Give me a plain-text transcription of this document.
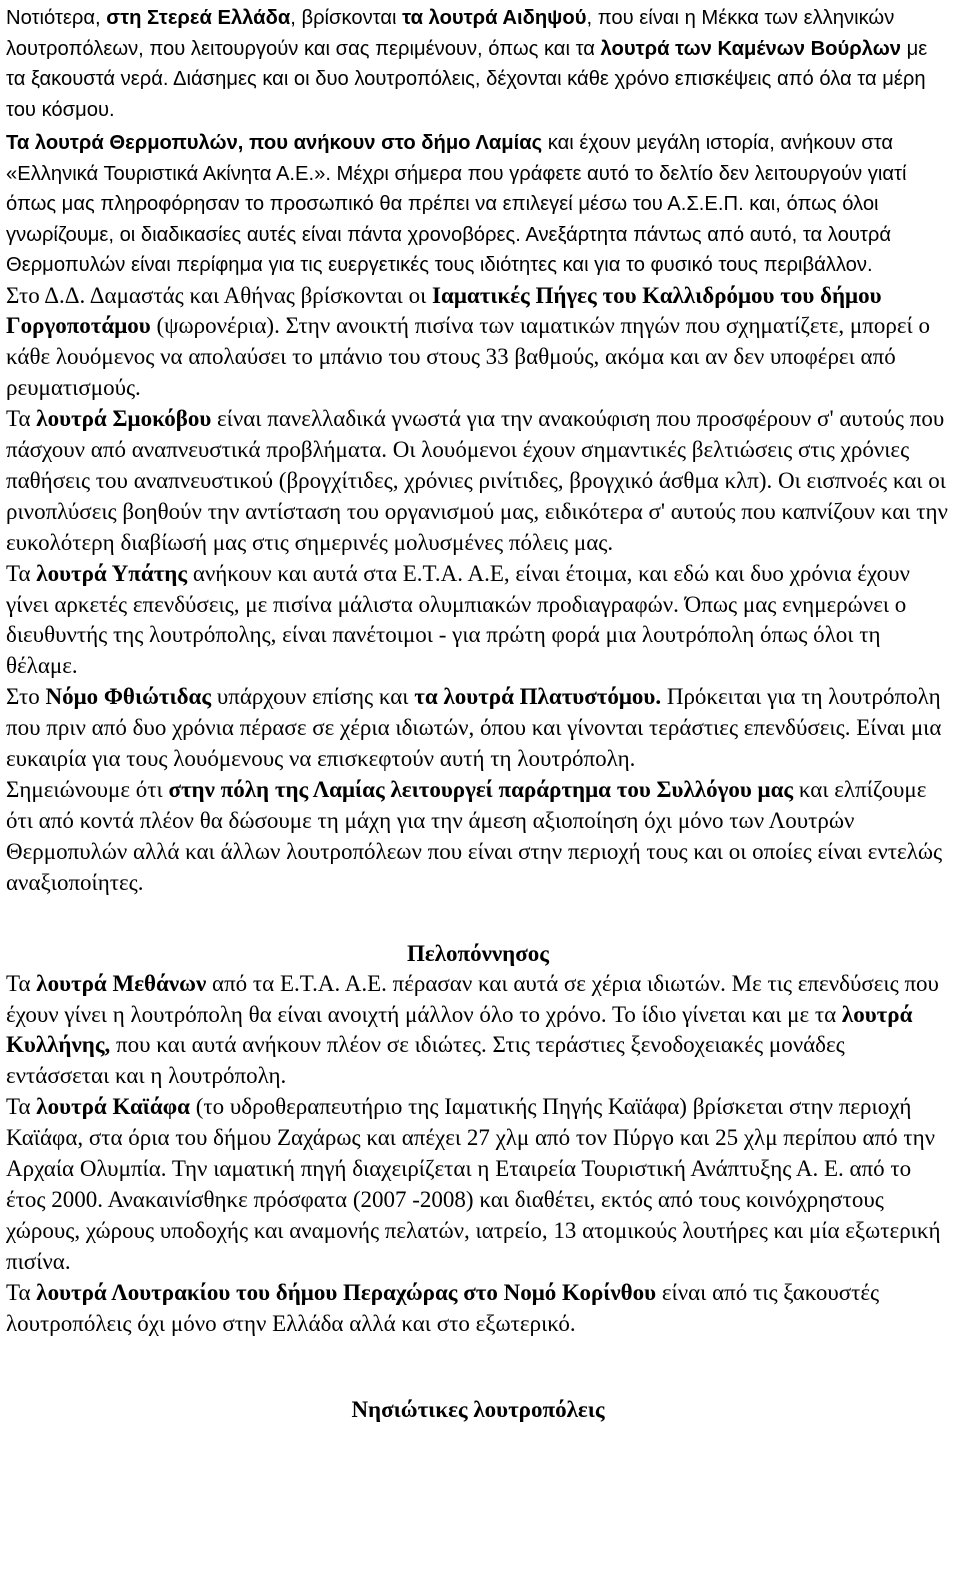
Νοτιότερα, στη Στερεά Ελλάδα, βρίσκονται τα λουτρά Αιδηψού, που είναι η Μέκκα των ελληνικών λουτροπόλεων, που λειτουργούν και σας περιμένουν, όπως και τα λουτρά των Καμένων Βούρλων με τα ξακουστά νερά. Διάσημες και οι δυο λουτροπόλεις, δέχονται κάθε χρόνο επισκέψεις από όλα τα μέρη του κόσμου.

Τα λουτρά Θερμοπυλών, που ανήκουν στο δήμο Λαμίας και έχουν μεγάλη ιστορία, ανήκουν στα «Ελληνικά Τουριστικά Ακίνητα Α.Ε.». Μέχρι σήμερα που γράφετε αυτό το δελτίο δεν λειτουργούν γιατί όπως μας πληροφόρησαν το προσωπικό θα πρέπει να επιλεγεί μέσω του Α.Σ.Ε.Π. και, όπως όλοι γνωρίζουμε, οι διαδικασίες αυτές είναι πάντα χρονοβόρες. Ανεξάρτητα πάντως από αυτό, τα λουτρά Θερμοπυλών είναι περίφημα για τις ευεργετικές τους ιδιότητες και για το φυσικό τους περιβάλλον.

Στο Δ.Δ. Δαμαστάς και Αθήνας βρίσκονται οι Ιαματικές Πήγες του Καλλιδρόμου του δήμου Γοργοποτάμου (ψωρονέρια). Στην ανοικτή πισίνα των ιαματικών πηγών που σχηματίζετε, μπορεί ο κάθε λουόμενος να απολαύσει το μπάνιο του στους 33 βαθμούς, ακόμα και αν δεν υποφέρει από ρευματισμούς.

Τα λουτρά Σμοκόβου είναι πανελλαδικά γνωστά για την ανακούφιση που προσφέρουν σ' αυτούς που πάσχουν από αναπνευστικά προβλήματα. Οι λουόμενοι έχουν σημαντικές βελτιώσεις στις χρόνιες παθήσεις του αναπνευστικού (βρογχίτιδες, χρόνιες ρινίτιδες, βρογχικό άσθμα κλπ). Οι εισπνοές και οι ρινοπλύσεις βοηθούν την αντίσταση του οργανισμού μας, ειδικότερα σ' αυτούς που καπνίζουν και την ευκολότερη διαβίωσή μας στις σημερινές μολυσμένες πόλεις μας.

Τα λουτρά Υπάτης ανήκουν και αυτά στα Ε.Τ.Α. Α.Ε, είναι έτοιμα, και εδώ και δυο χρόνια έχουν γίνει αρκετές επενδύσεις, με πισίνα μάλιστα ολυμπιακών προδιαγραφών. Όπως μας ενημερώνει ο διευθυντής της λουτρόπολης, είναι πανέτοιμοι - για πρώτη φορά μια λουτρόπολη όπως όλοι τη θέλαμε.

Στο Νόμο Φθιώτιδας υπάρχουν επίσης και τα λουτρά Πλατυστόμου. Πρόκειται για τη λουτρόπολη που πριν από δυο χρόνια πέρασε σε χέρια ιδιωτών, όπου και γίνονται τεράστιες επενδύσεις. Είναι μια ευκαιρία για τους λουόμενους να επισκεφτούν αυτή τη λουτρόπολη.

Σημειώνουμε ότι στην πόλη της Λαμίας λειτουργεί παράρτημα του Συλλόγου μας και ελπίζουμε ότι από κοντά πλέον θα δώσουμε τη μάχη για την άμεση αξιοποίηση όχι μόνο των Λουτρών Θερμοπυλών αλλά και άλλων λουτροπόλεων που είναι στην περιοχή τους και οι οποίες είναι εντελώς αναξιοποίητες.

Πελοπόννησος

Τα λουτρά Μεθάνων από τα Ε.Τ.Α. Α.Ε. πέρασαν και αυτά σε χέρια ιδιωτών. Με τις επενδύσεις που έχουν γίνει η λουτρόπολη θα είναι ανοιχτή μάλλον όλο το χρόνο. Το ίδιο γίνεται και με τα λουτρά Κυλλήνης, που και αυτά ανήκουν πλέον σε ιδιώτες. Στις τεράστιες ξενοδοχειακές μονάδες εντάσσεται και η λουτρόπολη.

Τα λουτρά Καϊάφα (το υδροθεραπευτήριο της Ιαματικής Πηγής Καϊάφα) βρίσκεται στην περιοχή Καϊάφα, στα όρια του δήμου Ζαχάρως και απέχει 27 χλμ από τον Πύργο και 25 χλμ περίπου από την Αρχαία Ολυμπία. Την ιαματική πηγή διαχειρίζεται η Εταιρεία Τουριστική Ανάπτυξης Α. Ε. από το έτος 2000. Ανακαινίσθηκε πρόσφατα (2007 -2008) και διαθέτει, εκτός από τους κοινόχρηστους χώρους, χώρους υποδοχής και αναμονής πελατών, ιατρείο, 13 ατομικούς λουτήρες και μία εξωτερική πισίνα.

Τα λουτρά Λουτρακίου του δήμου Περαχώρας στο Νομό Κορίνθου είναι από τις ξακουστές λουτροπόλεις όχι μόνο στην Ελλάδα αλλά και στο εξωτερικό.

Νησιώτικες λουτροπόλεις
